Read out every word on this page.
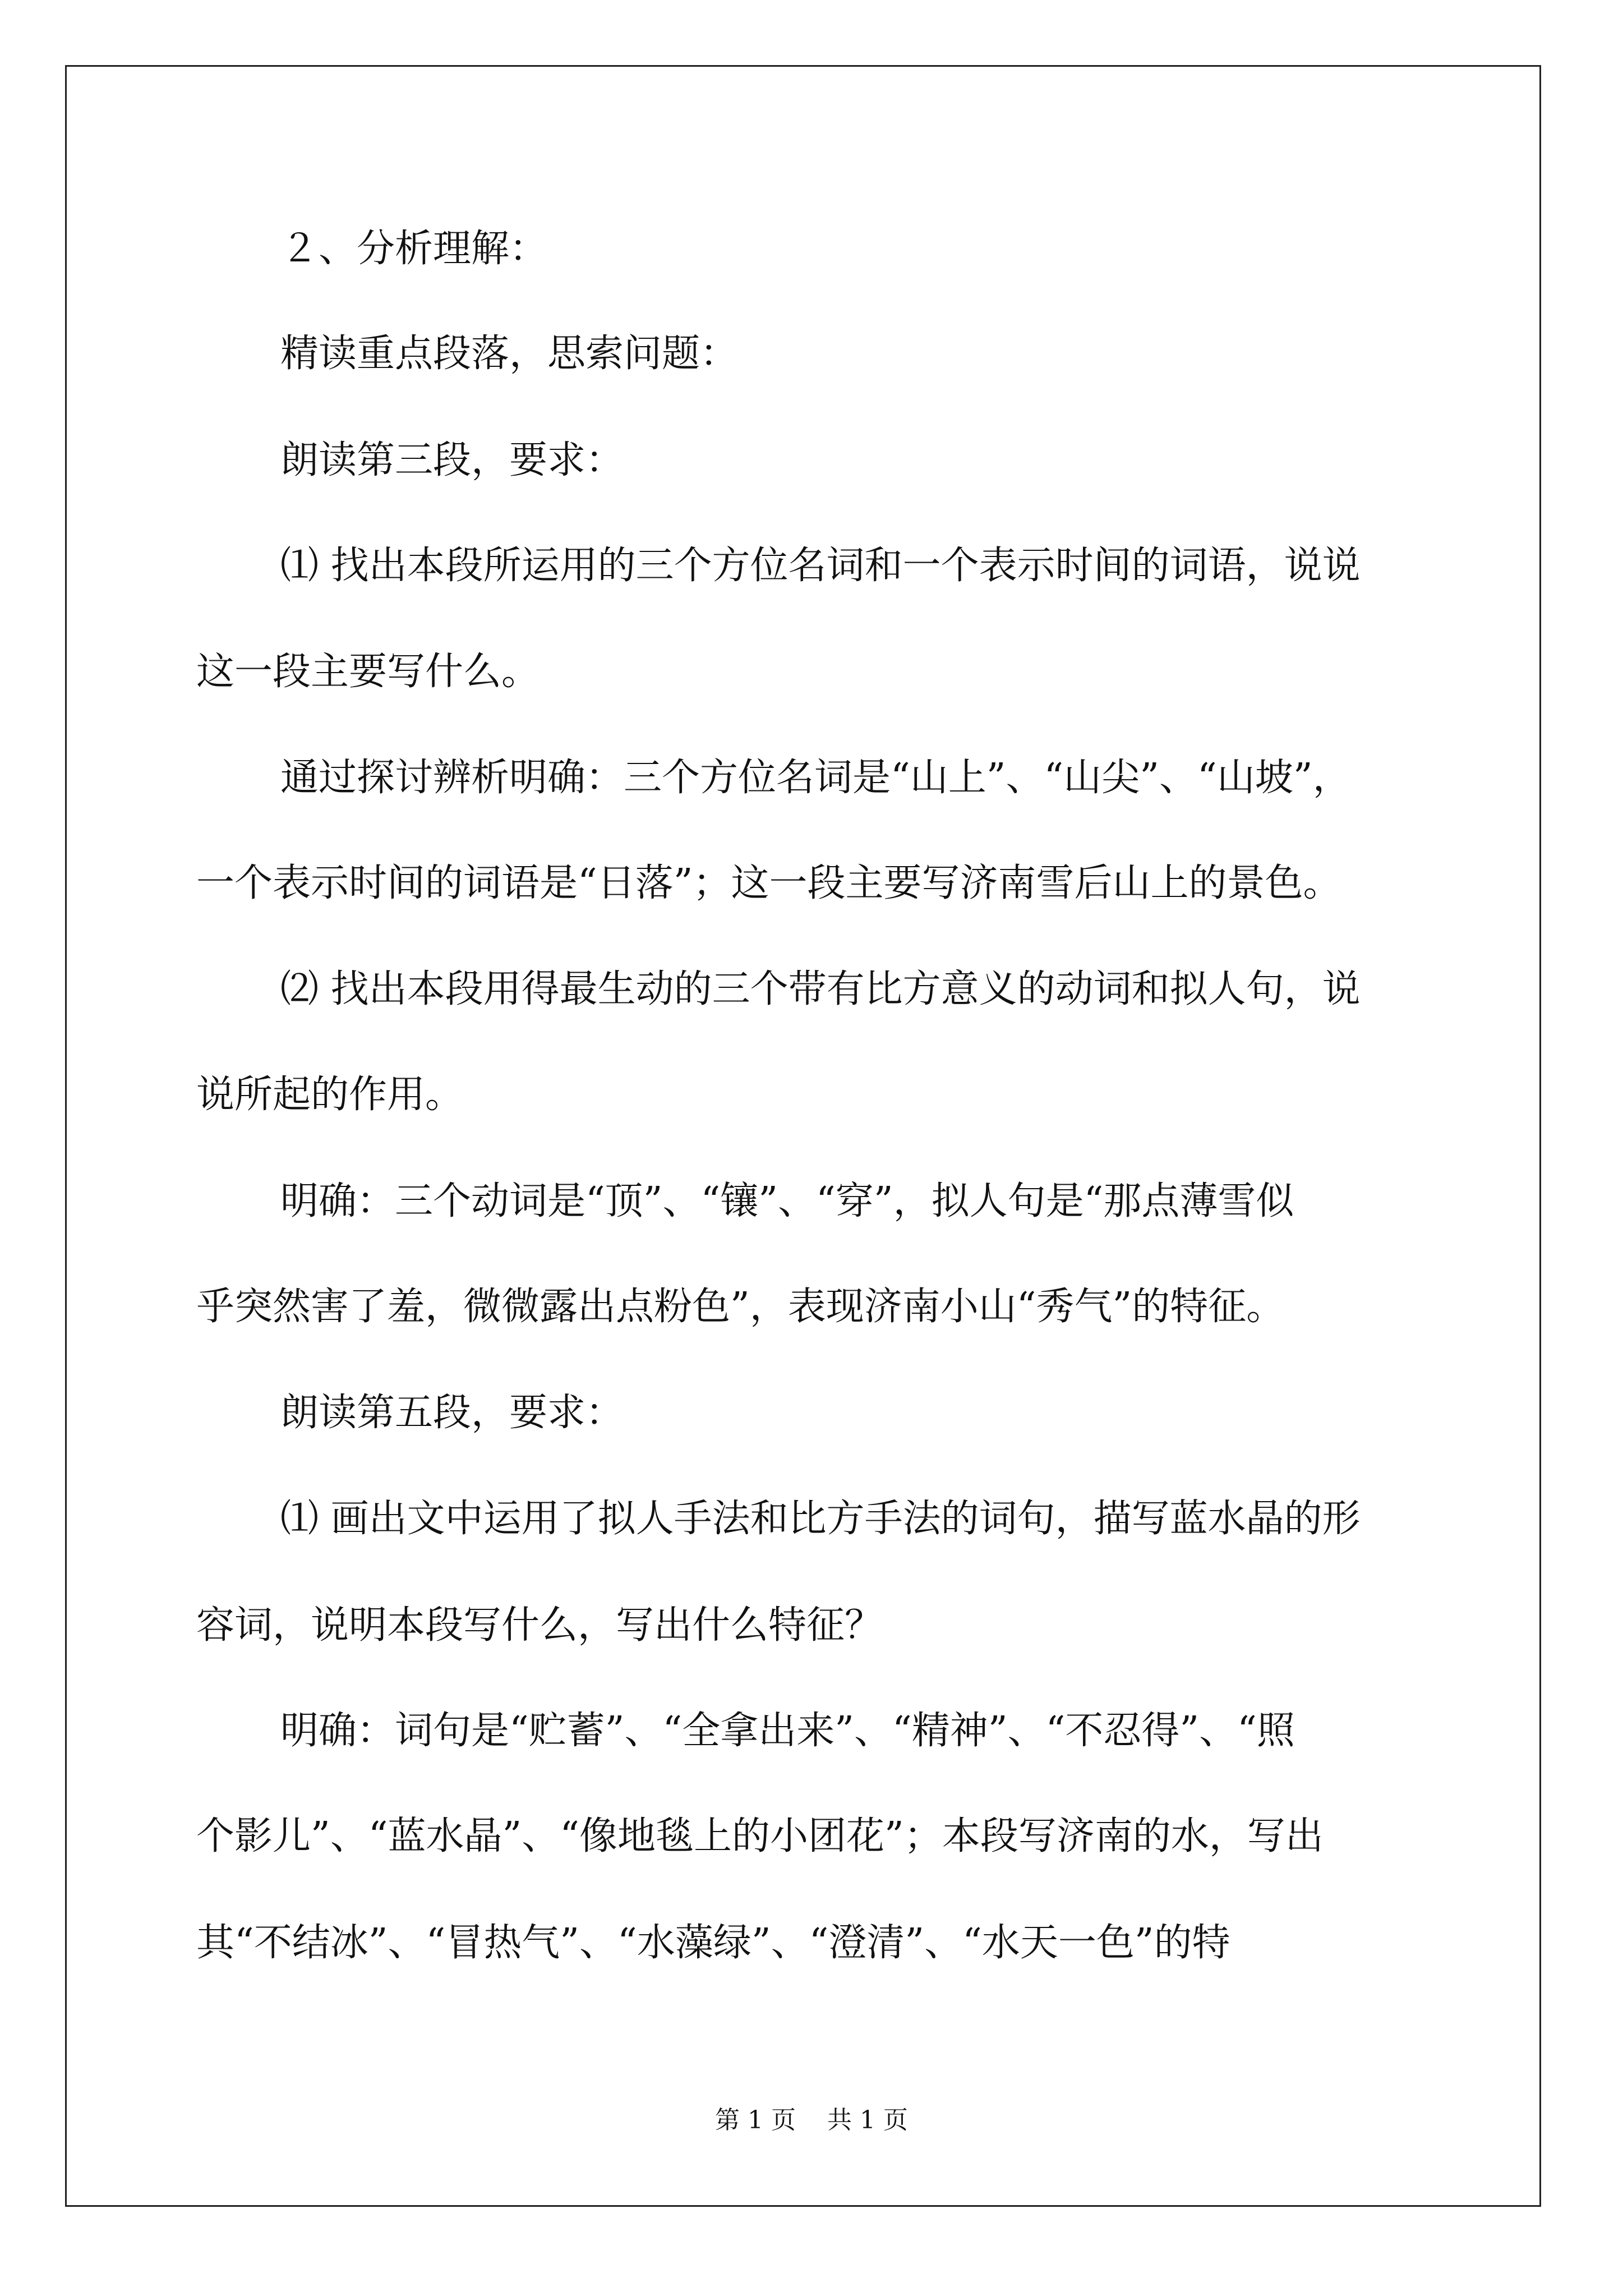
２、分析理解：
精读重点段落，思索问题：
朗读第三段，要求：
⑴ 找出本段所运用的三个方位名词和一个表示时间的词语，说说
这一段主要写什么。
通过探讨辨析明确：三个方位名词是“山上”、“山尖”、“山坡”，
一个表示时间的词语是“日落”；这一段主要写济南雪后山上的景色。
⑵ 找出本段用得最生动的三个带有比方意义的动词和拟人句，说
说所起的作用。
明确：三个动词是“顶”、“镶”、“穿”，拟人句是“那点薄雪似
乎突然害了羞，微微露出点粉色”，表现济南小山“秀气”的特征。
朗读第五段，要求：
⑴ 画出文中运用了拟人手法和比方手法的词句，描写蓝水晶的形
容词，说明本段写什么，写出什么特征？
明确：词句是“贮蓄”、“全拿出来”、“精神”、“不忍得”、“照
个影儿”、“蓝水晶”、“像地毯上的小团花”；本段写济南的水，写出
其“不结冰”、“冒热气”、“水藻绿”、“澄清”、“水天一色”的特
第 1 页    共 1 页
